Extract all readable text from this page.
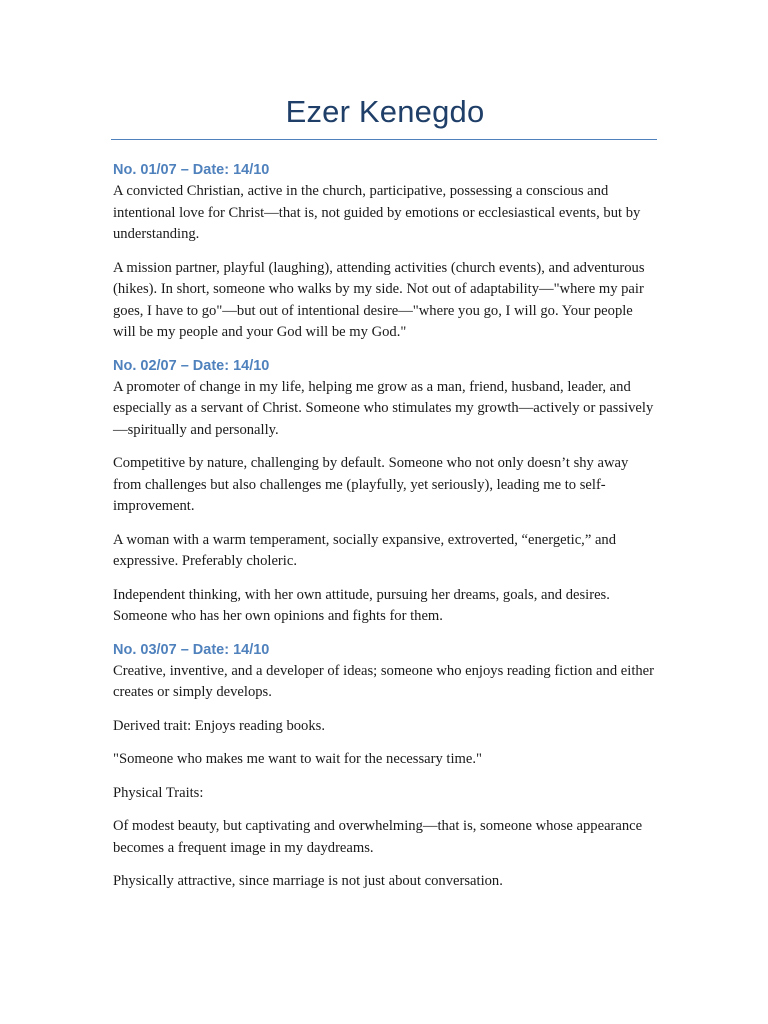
Ezer Kenegdo
No. 01/07 – Date: 14/10

A convicted Christian, active in the church, participative, possessing a conscious and intentional love for Christ—that is, not guided by emotions or ecclesiastical events, but by understanding.

A mission partner, playful (laughing), attending activities (church events), and adventurous (hikes). In short, someone who walks by my side. Not out of adaptability—"where my pair goes, I have to go"—but out of intentional desire—"where you go, I will go. Your people will be my people and your God will be my God."

No. 02/07 – Date: 14/10

A promoter of change in my life, helping me grow as a man, friend, husband, leader, and especially as a servant of Christ. Someone who stimulates my growth—actively or passively—spiritually and personally.

Competitive by nature, challenging by default. Someone who not only doesn’t shy away from challenges but also challenges me (playfully, yet seriously), leading me to self-improvement.

A woman with a warm temperament, socially expansive, extroverted, “energetic,” and expressive. Preferably choleric.

Independent thinking, with her own attitude, pursuing her dreams, goals, and desires. Someone who has her own opinions and fights for them.

No. 03/07 – Date: 14/10

Creative, inventive, and a developer of ideas; someone who enjoys reading fiction and either creates or simply develops.

Derived trait: Enjoys reading books.

"Someone who makes me want to wait for the necessary time."

Physical Traits:

Of modest beauty, but captivating and overwhelming—that is, someone whose appearance becomes a frequent image in my daydreams.

Physically attractive, since marriage is not just about conversation.
